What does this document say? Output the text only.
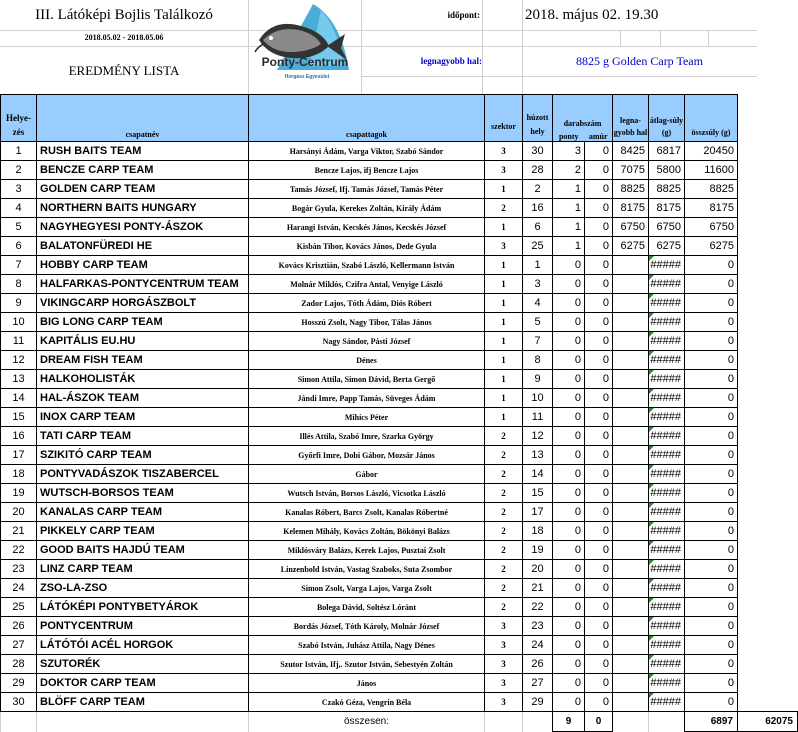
III. Látóképi Bojlis Találkozó
2018.05.02 - 2018.05.06
EREDMÉNY LISTA
Ponty-Centrum
Horgász Egyesület
időpont:	2018. május 02. 19.30
legnagyobb hal:	8825 g Golden Carp Team
Helye-zés	csapatnév	csapattagok	szektor	húzott hely	darabszám
ponty amúr		legna-gyobb hal	átlag-súly (g)	összsúly (g)	
1	RUSH BAITS TEAM	Harsányi Ádám, Varga Viktor, Szabó Sándor	3	30	3	0	8425	6817	20450	
2	BENCZE CARP TEAM	Bencze Lajos, ifj Bencze Lajos	3	28	2	0	7075	5800	11600	
3	GOLDEN CARP TEAM	Tamás József, Ifj. Tamás József, Tamás Péter	1	2	1	0	8825	8825	8825	
4	NORTHERN BAITS HUNGARY	Bogár Gyula, Kerekes Zoltán, Király Ádám	2	16	1	0	8175	8175	8175	
5	NAGYHEGYESI PONTY-ÁSZOK	Harangi István, Kecskés János, Kecskés József	1	6	1	0	6750	6750	6750	
6	BALATONFÜREDI HE	Kisbán Tibor, Kovács János, Dede Gyula	3	25	1	0	6275	6275	6275	
7	HOBBY CARP TEAM	Kovács Krisztián, Szabó László, Kellermann István	1	1	0	0		#####	0	
8	HALFARKAS-PONTYCENTRUM TEAM	Molnár Miklós, Czifra Antal, Venyige László	1	3	0	0		#####	0	
9	VIKINGCARP HORGÁSZBOLT	Zador Lajos, Tóth Ádám, Diós Róbert	1	4	0	0		#####	0	
10	BIG LONG CARP TEAM	Hosszú Zsolt, Nagy Tibor, Tálas János	1	5	0	0		#####	0	
11	KAPITÁLIS EU.HU	Nagy Sándor, Pásti József	1	7	0	0		#####	0	
12	DREAM FISH TEAM	Dénes	1	8	0	0		#####	0	
13	HALKOHOLISTÁK	Simon Attila, Simon Dávid, Berta Gergő	1	9	0	0		#####	0	
14	HAL-ÁSZOK TEAM	Jándi Imre, Papp Tamás, Süveges Ádám	1	10	0	0		#####	0	
15	INOX CARP TEAM	Mihics Péter	1	11	0	0		#####	0	
16	TATI CARP TEAM	Illés Attila, Szabó Imre, Szarka György	2	12	0	0		#####	0	
17	SZIKITÓ CARP TEAM	Győrfi Imre, Dobi Gábor, Mozsár János	2	13	0	0		#####	0	
18	PONTYVADÁSZOK TISZABERCEL	Gábor	2	14	0	0		#####	0	
19	WUTSCH-BORSOS TEAM	Wutsch István, Borsos László, Vicsotka László	2	15	0	0		#####	0	
20	KANALAS CARP TEAM	Kanalas Róbert, Barcs Zsolt, Kanalas Róbertné	2	17	0	0		#####	0	
21	PIKKELY CARP TEAM	Kelemen Mihály, Kovács Zoltán, Bökönyi Balázs	2	18	0	0		#####	0	
22	GOOD BAITS HAJDÚ TEAM	Miklósváry Balázs, Kerek Lajos, Pusztai Zsolt	2	19	0	0		#####	0	
23	LINZ CARP TEAM	Linzenbold István, Vastag Szaboks, Suta Zsombor	2	20	0	0		#####	0	
24	ZSO-LA-ZSO	Simon Zsolt, Varga Lajos, Varga Zsolt	2	21	0	0		#####	0	
25	LÁTÓKÉPI PONTYBETYÁROK	Bolega Dávid, Soltész Lóránt	2	22	0	0		#####	0	
26	PONTYCENTRUM	Bordás József, Tóth Károly, Molnár József	3	23	0	0		#####	0	
27	LÁTÓTÓI ACÉL HORGOK	Szabó István, Juhász Attila, Nagy Dénes	3	24	0	0		#####	0	
28	SZUTORÉK	Szutor István, Ifj,. Szutor István, Sebestyén Zoltán	3	26	0	0		#####	0	
29	DOKTOR CARP TEAM	János	3	27	0	0		#####	0	
30	BLÖFF CARP TEAM	Czakó Géza, Vengrin Béla	3	29	0	0		#####	0	
		összesen:			9	0			6897	62075
